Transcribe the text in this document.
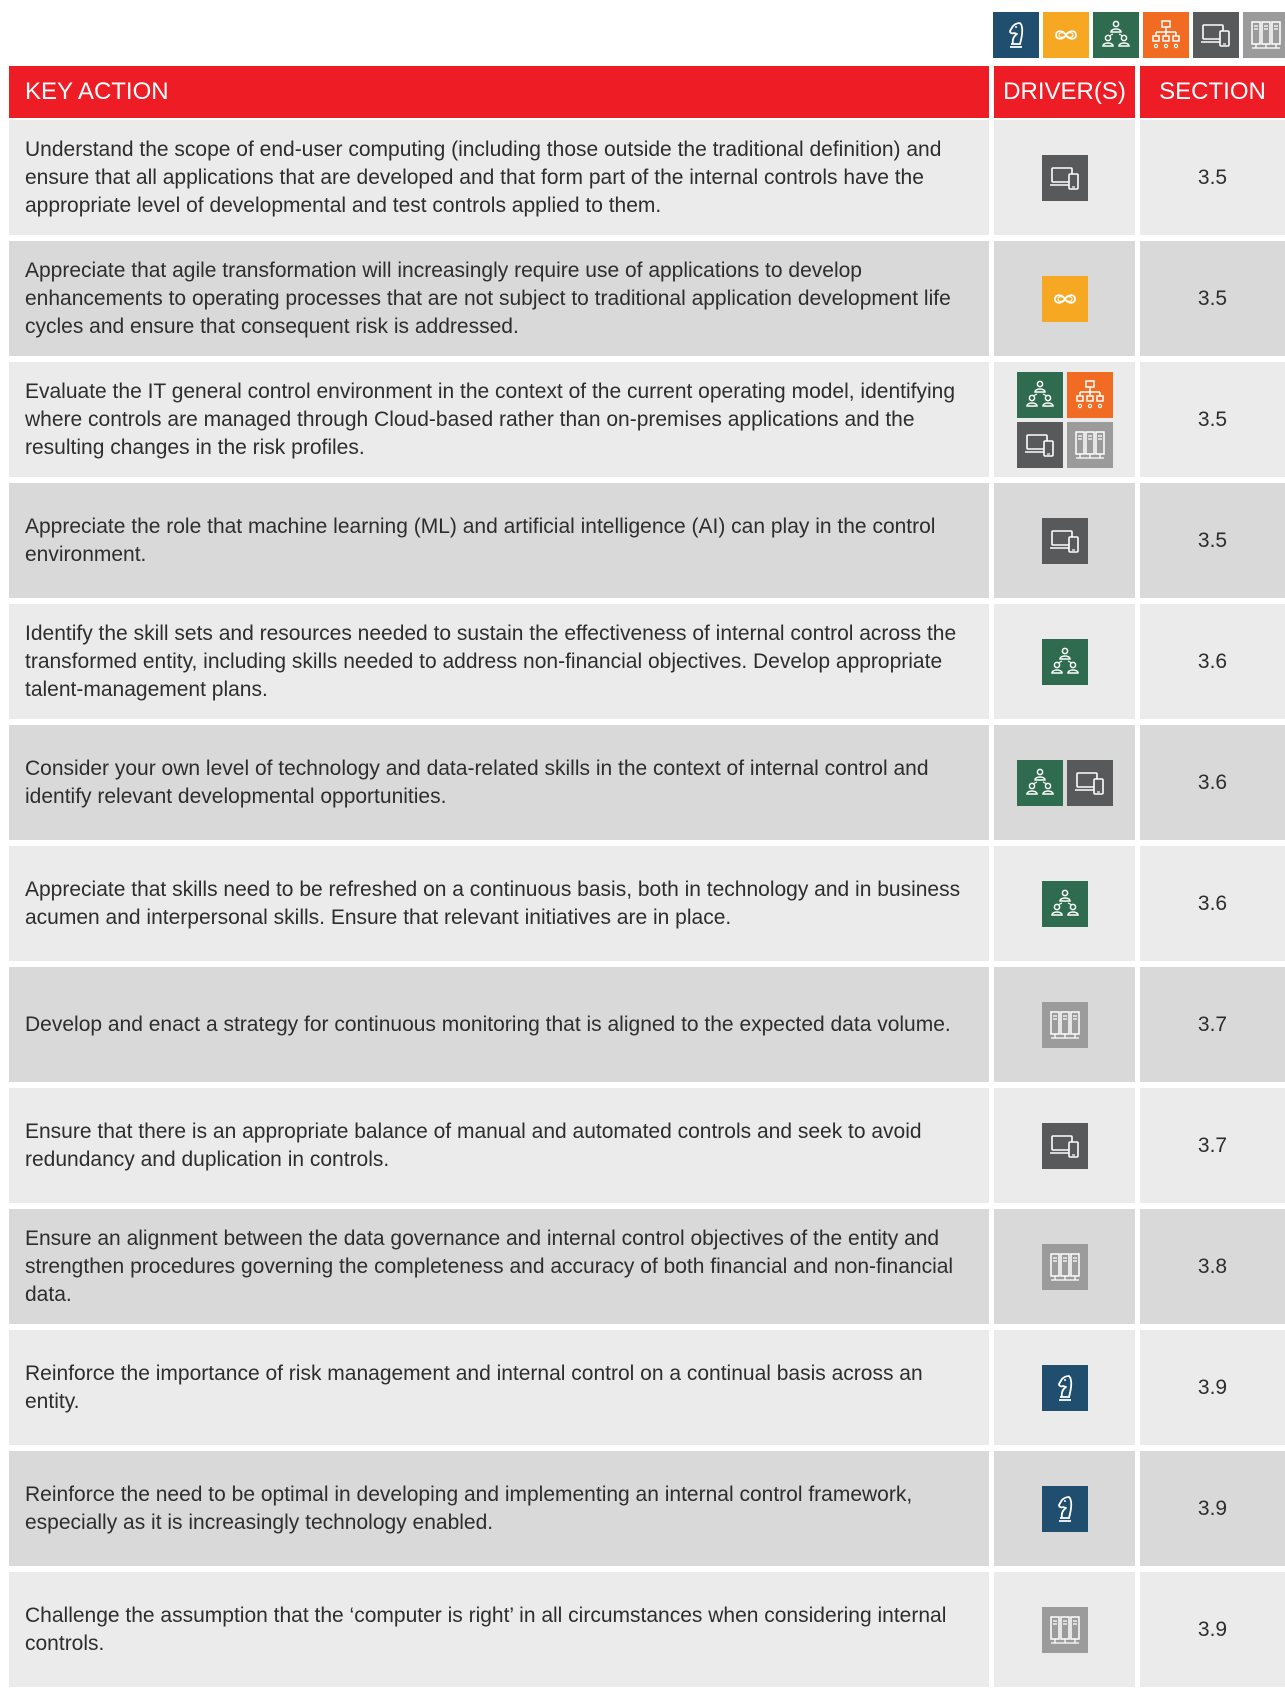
KEY ACTION	DRIVER(S)	SECTION
Understand the scope of end-user computing (including those outside the traditional definition) and ensure that all applications that are developed and that form part of the internal controls have the appropriate level of developmental and test controls applied to them.
3.5
Appreciate that agile transformation will increasingly require use of applications to develop enhancements to operating processes that are not subject to traditional application development life cycles and ensure that consequent risk is addressed.
3.5
Evaluate the IT general control environment in the context of the current operating model, identifying where controls are managed through Cloud-based rather than on-premises applications and the resulting changes in the risk profiles.
3.5
Appreciate the role that machine learning (ML) and artificial intelligence (AI) can play in the control environment.
3.5
Identify the skill sets and resources needed to sustain the effectiveness of internal control across the transformed entity, including skills needed to address non-financial objectives. Develop appropriate talent-management plans.
3.6
Consider your own level of technology and data-related skills in the context of internal control and identify relevant developmental opportunities.
3.6
Appreciate that skills need to be refreshed on a continuous basis, both in technology and in business acumen and interpersonal skills. Ensure that relevant initiatives are in place.
3.6
Develop and enact a strategy for continuous monitoring that is aligned to the expected data volume.	3.7
Ensure that there is an appropriate balance of manual and automated controls and seek to avoid redundancy and duplication in controls.
3.7
Ensure an alignment between the data governance and internal control objectives of the entity and strengthen procedures governing the completeness and accuracy of both financial and non-financial data.
3.8
Reinforce the importance of risk management and internal control on a continual basis across an entity.
3.9
Reinforce the need to be optimal in developing and implementing an internal control framework, especially as it is increasingly technology enabled.
3.9
Challenge the assumption that the ‘computer is right’ in all circumstances when considering internal controls.
3.9
